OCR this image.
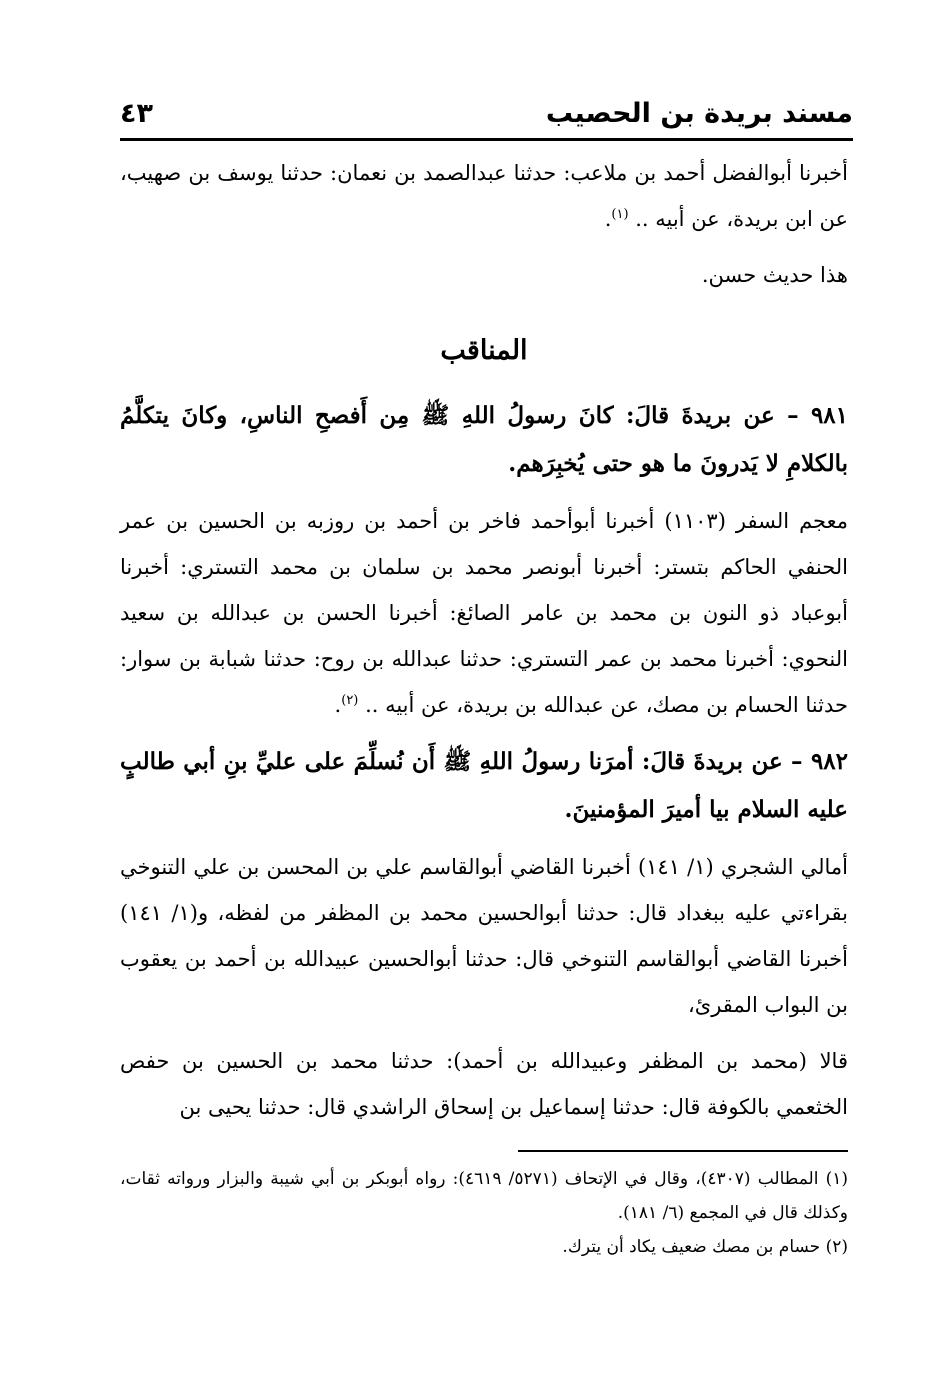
مسند بريدة بن الحصيب
٤٣

أخبرنا أبوالفضل أحمد بن ملاعب: حدثنا عبدالصمد بن نعمان: حدثنا يوسف بن صهيب، عن ابن بريدة، عن أبيه .. $^{(١)}$.

هذا حديث حسن.

المناقب

٩٨١ – عن بريدةَ قالَ: كانَ رسولُ اللهِ ﷺ مِن أَفصحِ الناسِ، وكانَ يتكلَّمُ بالكلامِ لا يَدرونَ ما هو حتى يُخبِرَهم.

معجم السفر (١١٠٣) أخبرنا أبوأحمد فاخر بن أحمد بن روزبه بن الحسين بن عمر الحنفي الحاكم بتستر: أخبرنا أبونصر محمد بن سلمان بن محمد التستري: أخبرنا أبوعباد ذو النون بن محمد بن عامر الصائغ: أخبرنا الحسن بن عبدالله بن سعيد النحوي: أخبرنا محمد بن عمر التستري: حدثنا عبدالله بن روح: حدثنا شبابة بن سوار: حدثنا الحسام بن مصك، عن عبدالله بن بريدة، عن أبيه .. $^{(٢)}$.

٩٨٢ – عن بريدةَ قالَ: أمرَنا رسولُ اللهِ ﷺ أَن نُسلِّمَ على عليِّ بنِ أبي طالبٍ عليه السلام بيا أميرَ المؤمنينَ.

أمالي الشجري (١/ ١٤١) أخبرنا القاضي أبوالقاسم علي بن المحسن بن علي التنوخي بقراءتي عليه ببغداد قال: حدثنا أبوالحسين محمد بن المظفر من لفظه، و(١/ ١٤١) أخبرنا القاضي أبوالقاسم التنوخي قال: حدثنا أبوالحسين عبيدالله بن أحمد بن يعقوب بن البواب المقرئ،

قالا (محمد بن المظفر وعبيدالله بن أحمد): حدثنا محمد بن الحسين بن حفص الخثعمي بالكوفة قال: حدثنا إسماعيل بن إسحاق الراشدي قال: حدثنا يحيى بن

(١) المطالب (٤٣٠٧)، وقال في الإتحاف (٥٢٧١/ ٤٦١٩): رواه أبوبكر بن أبي شيبة والبزار ورواته ثقات، وكذلك قال في المجمع (٦/ ١٨١).

(٢) حسام بن مصك ضعيف يكاد أن يترك.
